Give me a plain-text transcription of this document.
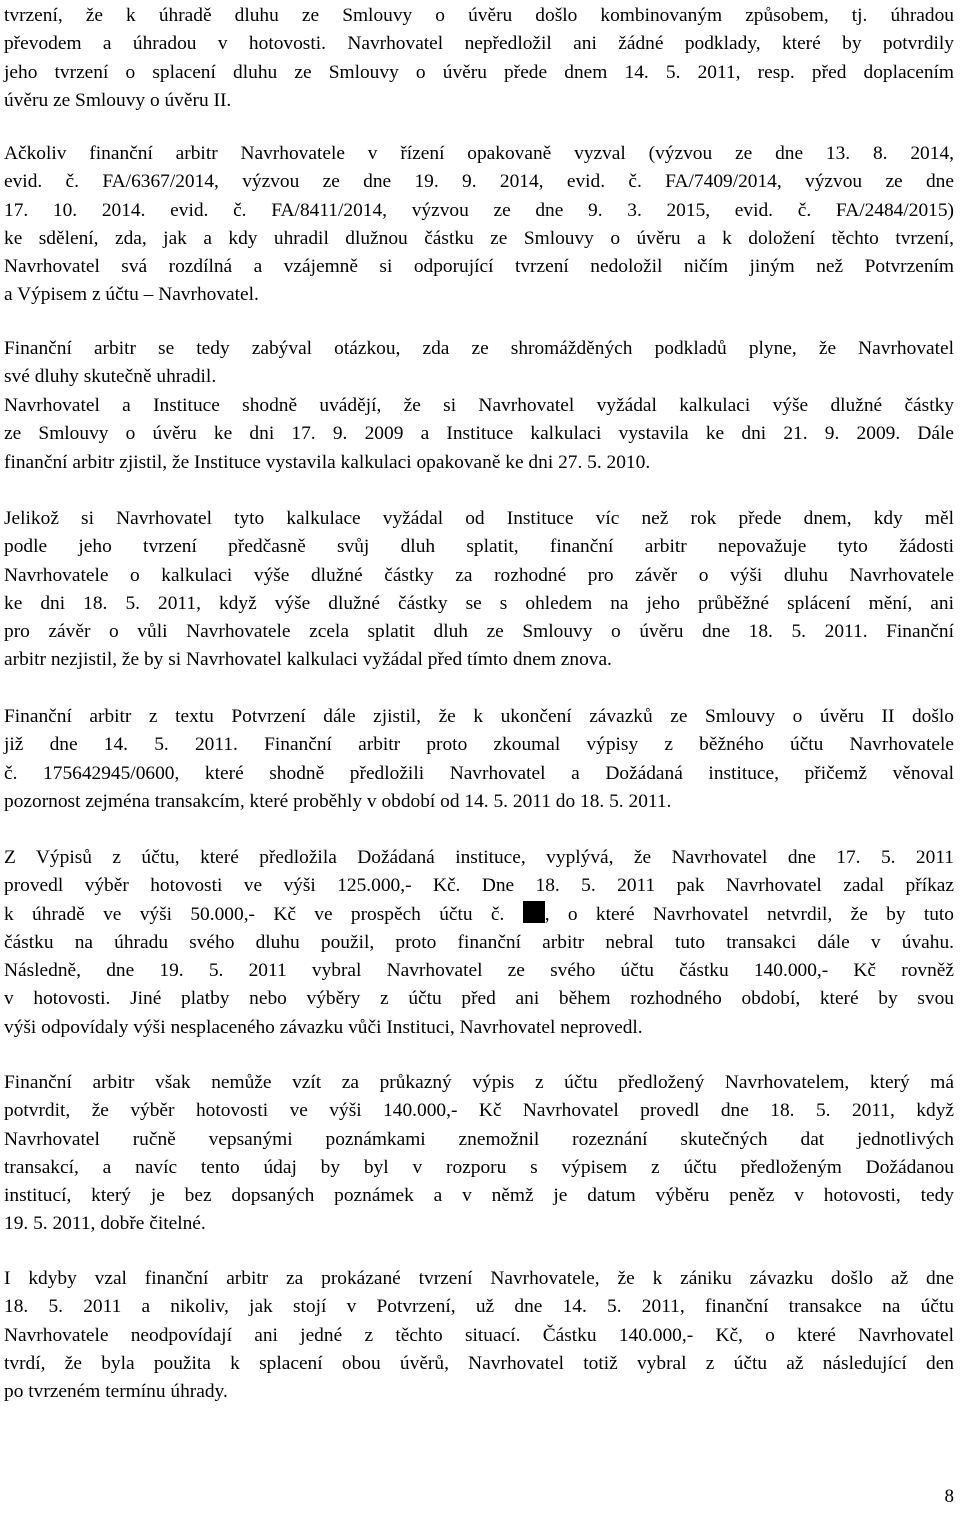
tvrzení, že k úhradě dluhu ze Smlouvy o úvěru došlo kombinovaným způsobem, tj. úhradou
převodem a úhradou v hotovosti. Navrhovatel nepředložil ani žádné podklady, které by potvrdily
jeho tvrzení o splacení dluhu ze Smlouvy o úvěru přede dnem 14. 5. 2011, resp. před doplacením
úvěru ze Smlouvy o úvěru II.
Ačkoliv finanční arbitr Navrhovatele v řízení opakovaně vyzval (výzvou ze dne 13. 8. 2014,
evid. č. FA/6367/2014, výzvou ze dne 19. 9. 2014, evid. č. FA/7409/2014, výzvou ze dne
17. 10. 2014. evid. č. FA/8411/2014, výzvou ze dne 9. 3. 2015, evid. č. FA/2484/2015)
ke sdělení, zda, jak a kdy uhradil dlužnou částku ze Smlouvy o úvěru a k doložení těchto tvrzení,
Navrhovatel svá rozdílná a vzájemně si odporující tvrzení nedoložil ničím jiným než Potvrzením
a Výpisem z účtu – Navrhovatel.
Finanční arbitr se tedy zabýval otázkou, zda ze shromážděných podkladů plyne, že Navrhovatel
své dluhy skutečně uhradil.
Navrhovatel a Instituce shodně uvádějí, že si Navrhovatel vyžádal kalkulaci výše dlužné částky
ze Smlouvy o úvěru ke dni 17. 9. 2009 a Instituce kalkulaci vystavila ke dni 21. 9. 2009. Dále
finanční arbitr zjistil, že Instituce vystavila kalkulaci opakovaně ke dni 27. 5. 2010.
Jelikož si Navrhovatel tyto kalkulace vyžádal od Instituce víc než rok přede dnem, kdy měl
podle jeho tvrzení předčasně svůj dluh splatit, finanční arbitr nepovažuje tyto žádosti
Navrhovatele o kalkulaci výše dlužné částky za rozhodné pro závěr o výši dluhu Navrhovatele
ke dni 18. 5. 2011, když výše dlužné částky se s ohledem na jeho průběžné splácení mění, ani
pro závěr o vůli Navrhovatele zcela splatit dluh ze Smlouvy o úvěru dne 18. 5. 2011. Finanční
arbitr nezjistil, že by si Navrhovatel kalkulaci vyžádal před tímto dnem znova.
Finanční arbitr z textu Potvrzení dále zjistil, že k ukončení závazků ze Smlouvy o úvěru II došlo
již dne 14. 5. 2011. Finanční arbitr proto zkoumal výpisy z běžného účtu Navrhovatele
č. 175642945/0600, které shodně předložili Navrhovatel a Dožádaná instituce, přičemž věnoval
pozornost zejména transakcím, které proběhly v období od 14. 5. 2011 do 18. 5. 2011.
Z Výpisů z účtu, které předložila Dožádaná instituce, vyplývá, že Navrhovatel dne 17. 5. 2011
provedl výběr hotovosti ve výši 125.000,- Kč. Dne 18. 5. 2011 pak Navrhovatel zadal příkaz
k úhradě ve výši 50.000,- Kč ve prospěch účtu č. , o které Navrhovatel netvrdil, že by tuto
částku na úhradu svého dluhu použil, proto finanční arbitr nebral tuto transakci dále v úvahu.
Následně, dne 19. 5. 2011 vybral Navrhovatel ze svého účtu částku 140.000,- Kč rovněž
v hotovosti. Jiné platby nebo výběry z účtu před ani během rozhodného období, které by svou
výši odpovídaly výši nesplaceného závazku vůči Instituci, Navrhovatel neprovedl.
Finanční arbitr však nemůže vzít za průkazný výpis z účtu předložený Navrhovatelem, který má
potvrdit, že výběr hotovosti ve výši 140.000,- Kč Navrhovatel provedl dne 18. 5. 2011, když
Navrhovatel ručně vepsanými poznámkami znemožnil rozeznání skutečných dat jednotlivých
transakcí, a navíc tento údaj by byl v rozporu s výpisem z účtu předloženým Dožádanou
institucí, který je bez dopsaných poznámek a v němž je datum výběru peněz v hotovosti, tedy
19. 5. 2011, dobře čitelné.
I kdyby vzal finanční arbitr za prokázané tvrzení Navrhovatele, že k zániku závazku došlo až dne
18. 5. 2011 a nikoliv, jak stojí v Potvrzení, už dne 14. 5. 2011, finanční transakce na účtu
Navrhovatele neodpovídají ani jedné z těchto situací. Částku 140.000,- Kč, o které Navrhovatel
tvrdí, že byla použita k splacení obou úvěrů, Navrhovatel totiž vybral z účtu až následující den
po tvrzeném termínu úhrady.
8
